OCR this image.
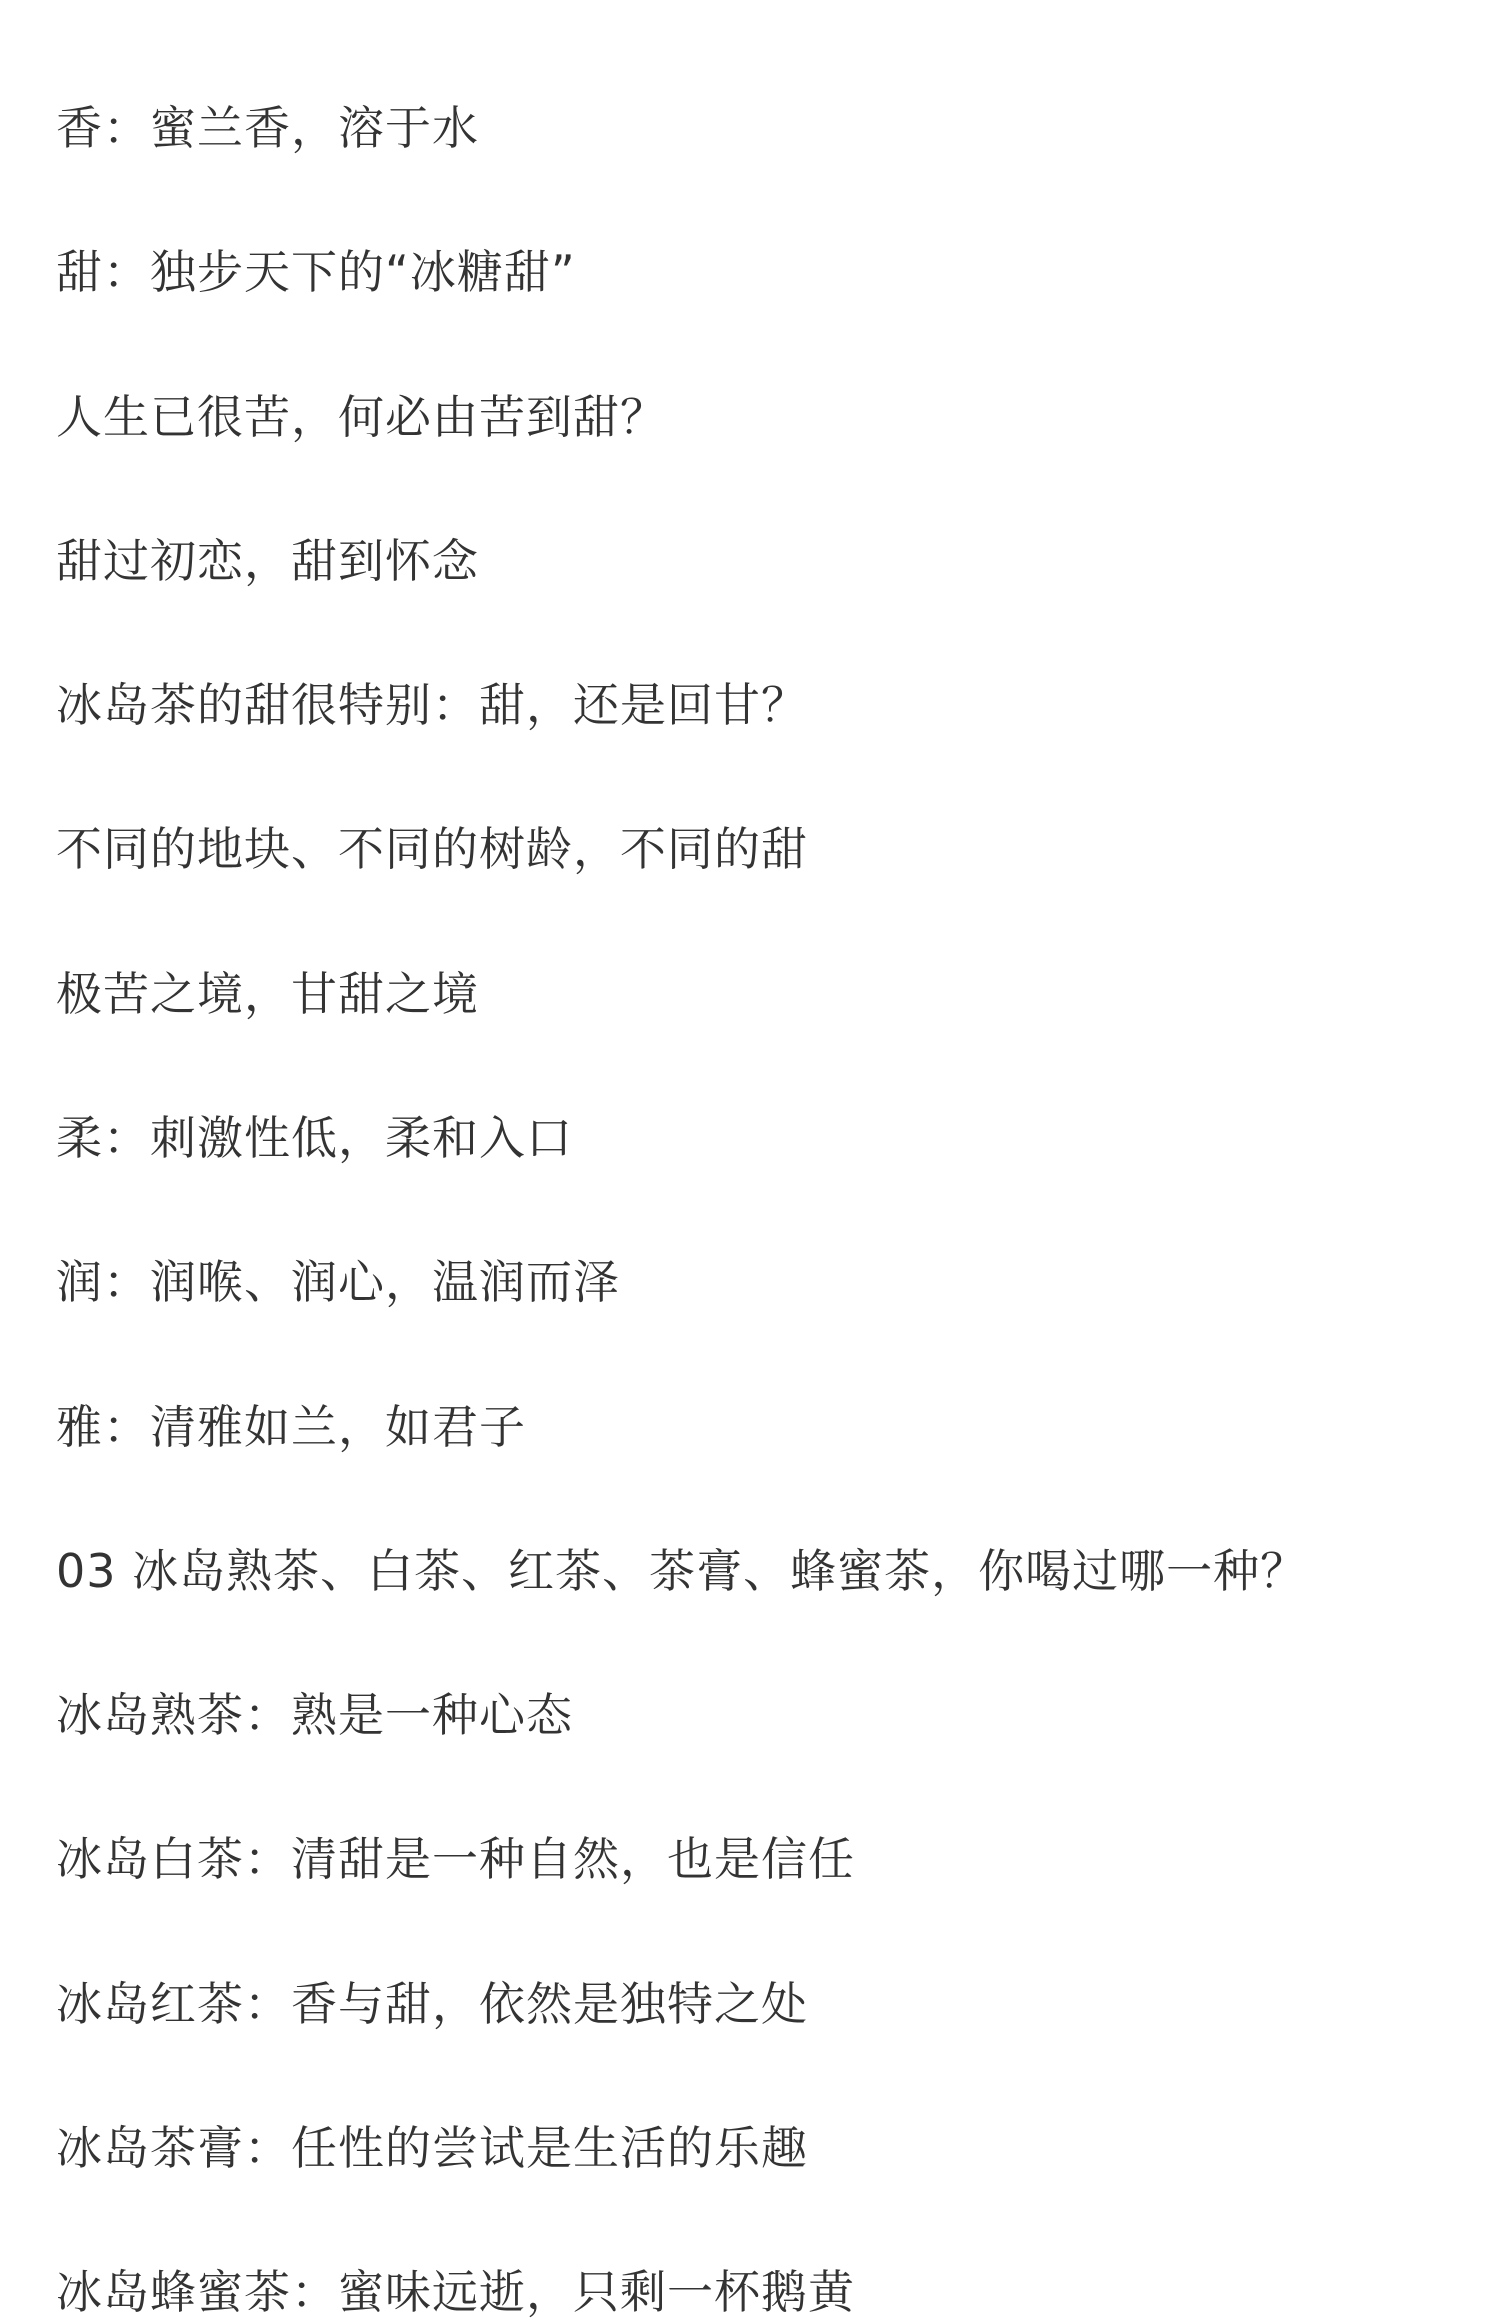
香：蜜兰香，溶于水

甜：独步天下的“冰糖甜”

人生已很苦，何必由苦到甜？

甜过初恋，甜到怀念

冰岛茶的甜很特别：甜，还是回甘？

不同的地块、不同的树龄，不同的甜

极苦之境，甘甜之境

柔：刺激性低，柔和入口

润：润喉、润心，温润而泽

雅：清雅如兰，如君子

03 冰岛熟茶、白茶、红茶、茶膏、蜂蜜茶，你喝过哪一种？

冰岛熟茶：熟是一种心态

冰岛白茶：清甜是一种自然，也是信任

冰岛红茶：香与甜，依然是独特之处

冰岛茶膏：任性的尝试是生活的乐趣

冰岛蜂蜜茶：蜜味远逝，只剩一杯鹅黄
